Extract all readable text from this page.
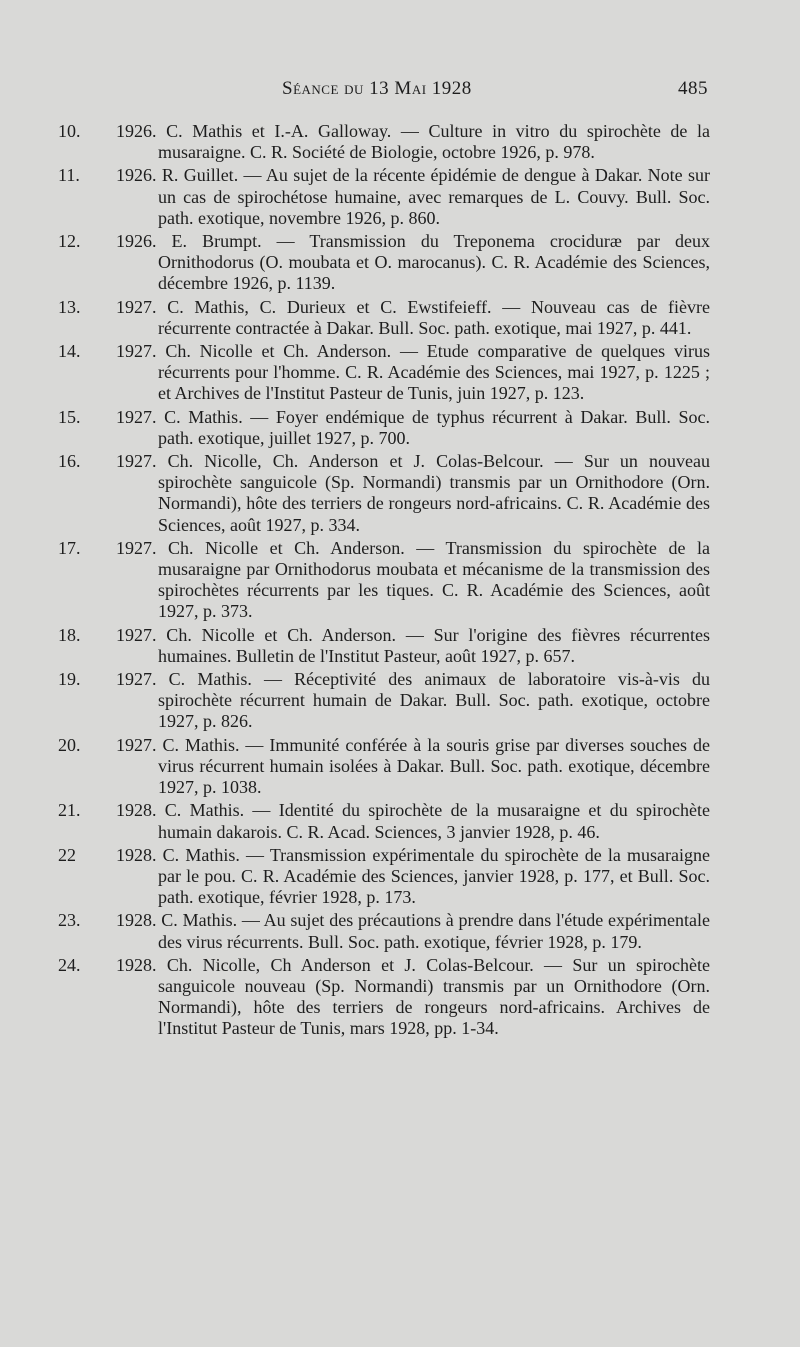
Séance du 13 Mai 1928	485
10.	1926. C. Mathis et I.-A. Galloway. — Culture in vitro du spirochète de la musaraigne. C. R. Société de Biologie, octobre 1926, p. 978.
11.	1926. R. Guillet. — Au sujet de la récente épidémie de dengue à Dakar. Note sur un cas de spirochétose humaine, avec remarques de L. Couvy. Bull. Soc. path. exotique, novembre 1926, p. 860.
12.	1926. E. Brumpt. — Transmission du Treponema crociduræ par deux Ornithodorus (O. moubata et O. marocanus). C. R. Académie des Sciences, décembre 1926, p. 1139.
13.	1927. C. Mathis, C. Durieux et C. Ewstifeieff. — Nouveau cas de fièvre récurrente contractée à Dakar. Bull. Soc. path. exotique, mai 1927, p. 441.
14.	1927. Ch. Nicolle et Ch. Anderson. — Etude comparative de quelques virus récurrents pour l'homme. C. R. Académie des Sciences, mai 1927, p. 1225 ; et Archives de l'Institut Pasteur de Tunis, juin 1927, p. 123.
15.	1927. C. Mathis. — Foyer endémique de typhus récurrent à Dakar. Bull. Soc. path. exotique, juillet 1927, p. 700.
16.	1927. Ch. Nicolle, Ch. Anderson et J. Colas-Belcour. — Sur un nouveau spirochète sanguicole (Sp. Normandi) transmis par un Ornithodore (Orn. Normandi), hôte des terriers de rongeurs nord-africains. C. R. Académie des Sciences, août 1927, p. 334.
17.	1927. Ch. Nicolle et Ch. Anderson. — Transmission du spirochète de la musaraigne par Ornithodorus moubata et mécanisme de la transmission des spirochètes récurrents par les tiques. C. R. Académie des Sciences, août 1927, p. 373.
18.	1927. Ch. Nicolle et Ch. Anderson. — Sur l'origine des fièvres récurrentes humaines. Bulletin de l'Institut Pasteur, août 1927, p. 657.
19.	1927. C. Mathis. — Réceptivité des animaux de laboratoire vis-à-vis du spirochète récurrent humain de Dakar. Bull. Soc. path. exotique, octobre 1927, p. 826.
20.	1927. C. Mathis. — Immunité conférée à la souris grise par diverses souches de virus récurrent humain isolées à Dakar. Bull. Soc. path. exotique, décembre 1927, p. 1038.
21.	1928. C. Mathis. — Identité du spirochète de la musaraigne et du spirochète humain dakarois. C. R. Acad. Sciences, 3 janvier 1928, p. 46.
22	1928. C. Mathis. — Transmission expérimentale du spirochète de la musaraigne par le pou. C. R. Académie des Sciences, janvier 1928, p. 177, et Bull. Soc. path. exotique, février 1928, p. 173.
23.	1928. C. Mathis. — Au sujet des précautions à prendre dans l'étude expérimentale des virus récurrents. Bull. Soc. path. exotique, février 1928, p. 179.
24.	1928. Ch. Nicolle, Ch Anderson et J. Colas-Belcour. — Sur un spirochète sanguicole nouveau (Sp. Normandi) transmis par un Ornithodore (Orn. Normandi), hôte des terriers de rongeurs nord-africains. Archives de l'Institut Pasteur de Tunis, mars 1928, pp. 1-34.
